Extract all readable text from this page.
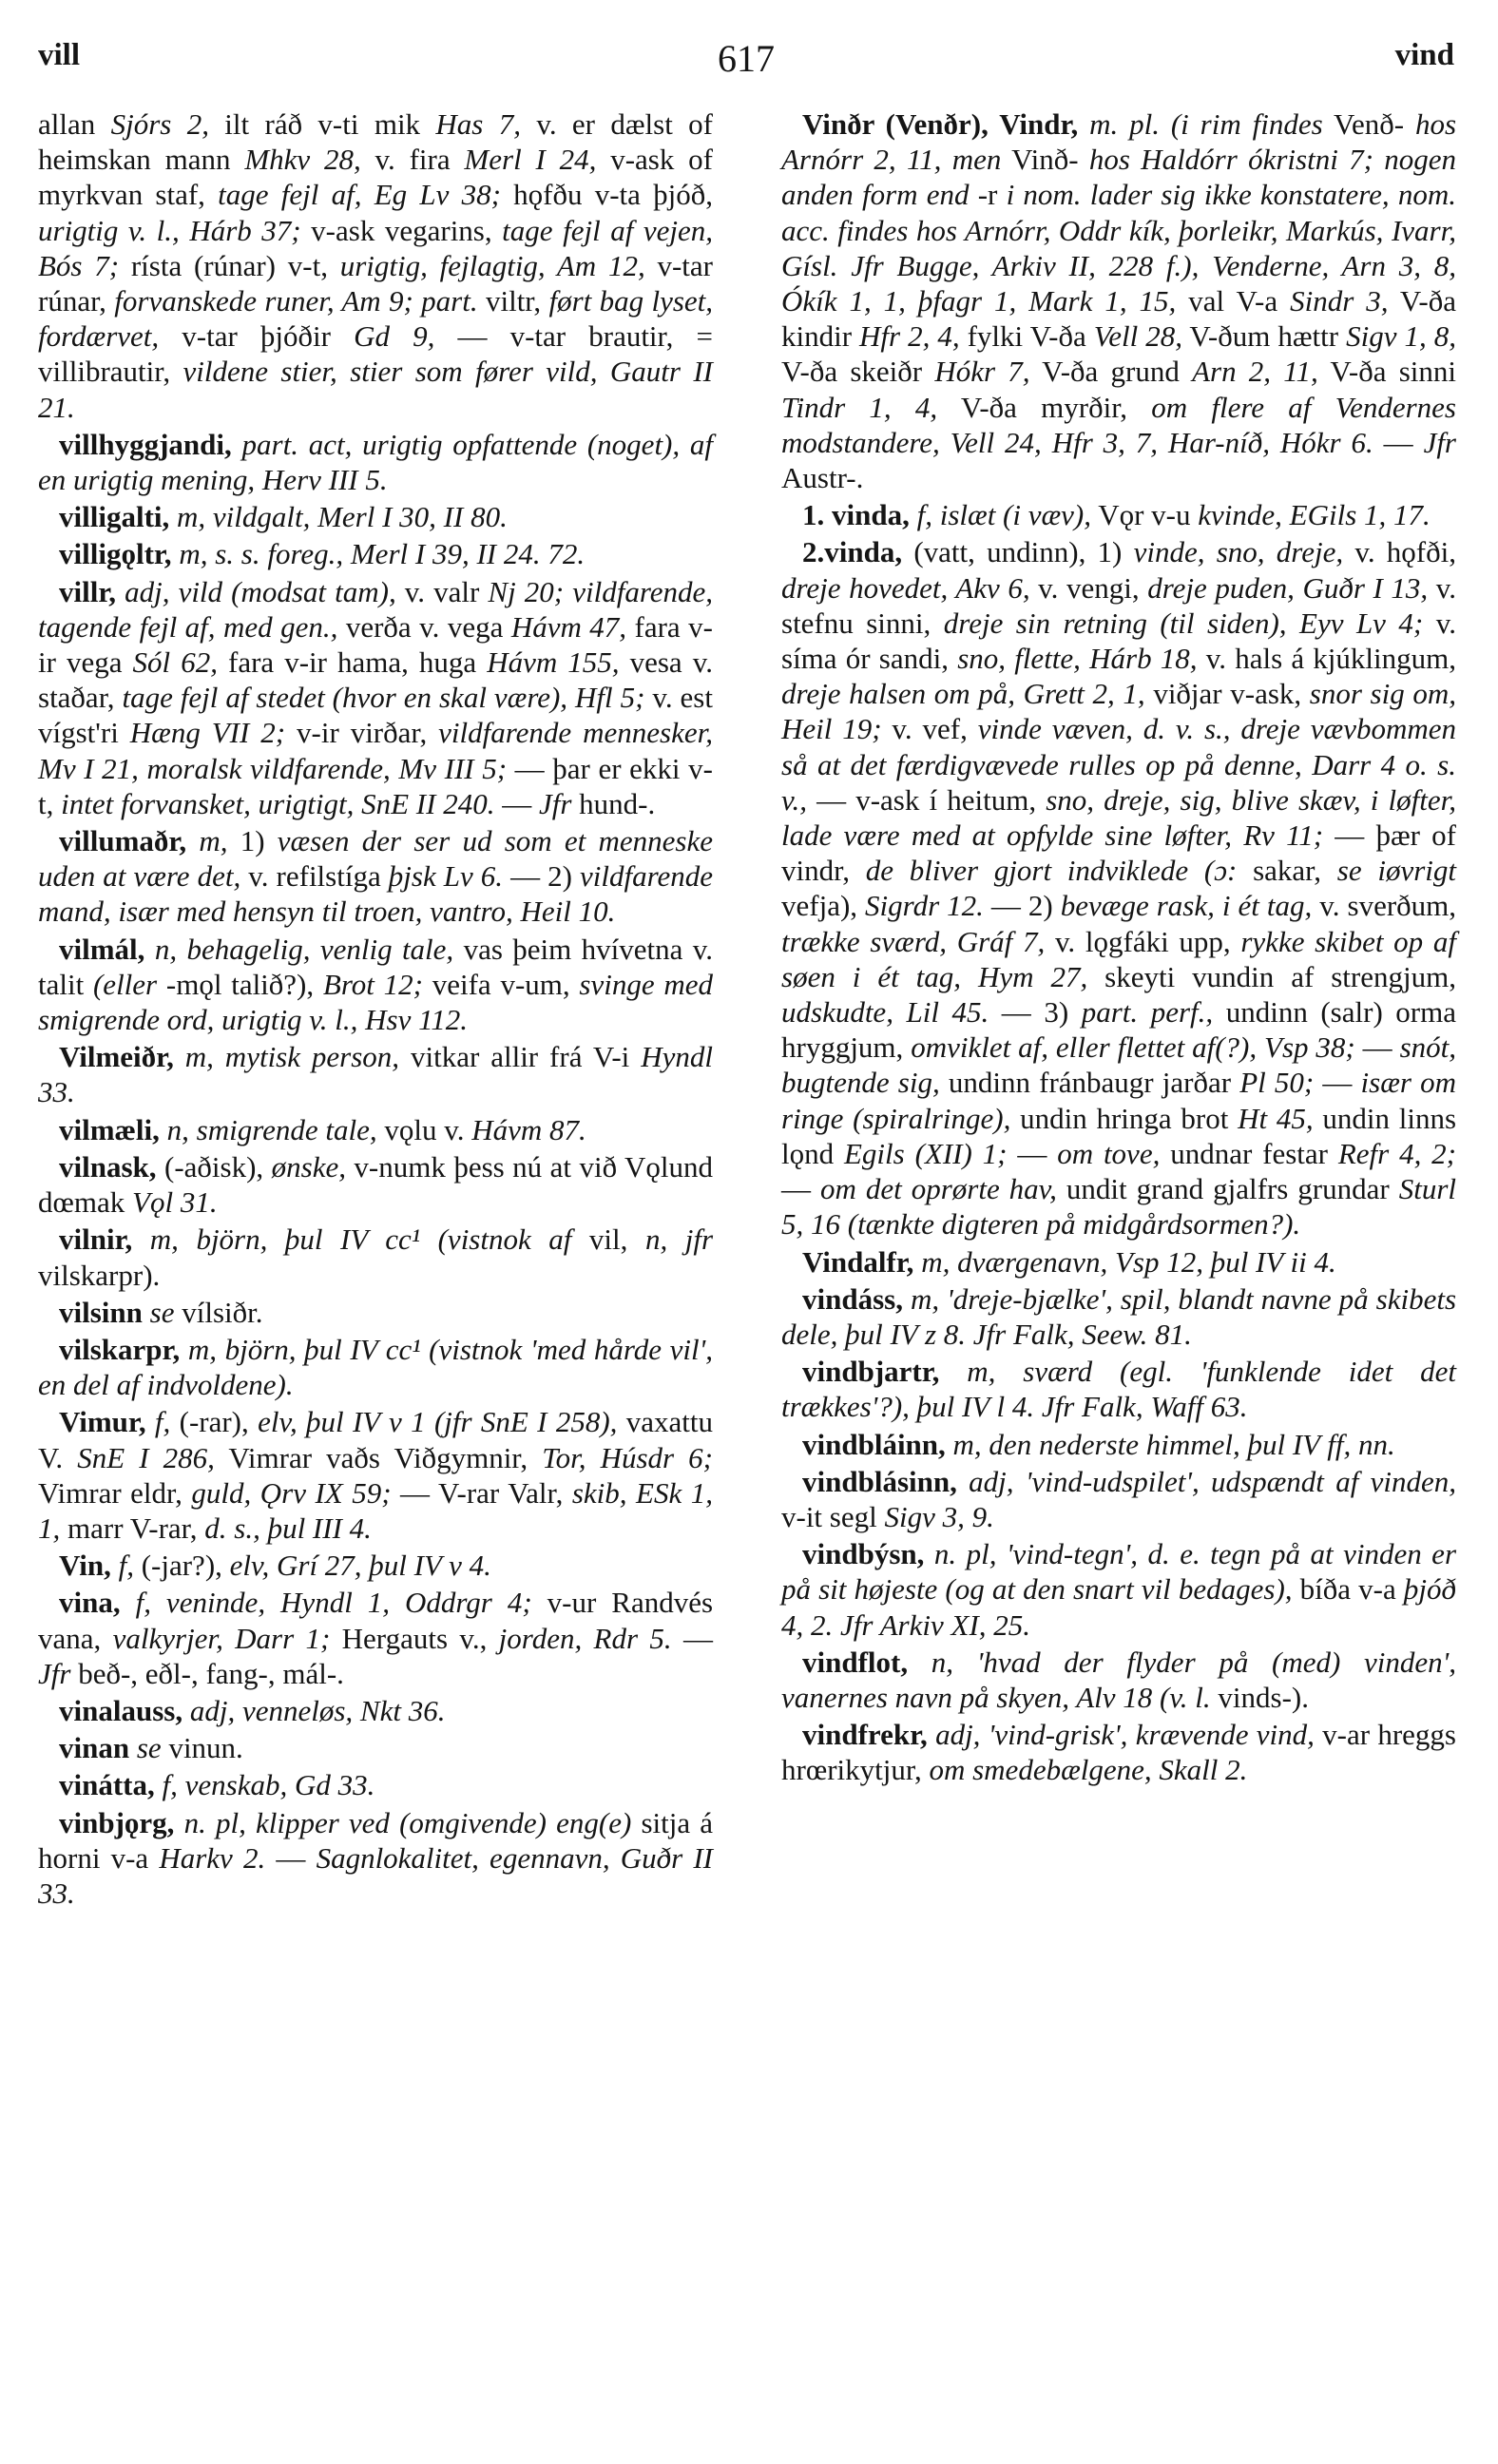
vill	617	vind

allan Sjórs 2, ilt ráð v-ti mik Has 7, v. er dælst of heimskan mann Mhkv 28, v. fira Merl I 24, v-ask of myrkvan staf, tage fejl af, Eg Lv 38; hǫfðu v-ta þjóð, urigtig v. l., Hárb 37; v-ask vegarins, tage fejl af vejen, Bós 7; rísta (rúnar) v-t, urigtig, fejlagtig, Am 12, v-tar rúnar, forvanskede runer, Am 9; part. viltr, ført bag lyset, fordærvet, v-tar þjóðir Gd 9, — v-tar brautir, = villibrautir, vildene stier, stier som fører vild, Gautr II 21.

villhyggjandi, part. act, urigtig opfattende (noget), af en urigtig mening, Herv III 5.

villigalti, m, vildgalt, Merl I 30, II 80.

villigǫltr, m, s. s. foreg., Merl I 39, II 24. 72.

villr, adj, vild (modsat tam), v. valr Nj 20; vildfarende, tagende fejl af, med gen., verða v. vega Hávm 47, fara v-ir vega Sól 62, fara v-ir hama, huga Hávm 155, vesa v. staðar, tage fejl af stedet (hvor en skal være), Hfl 5; v. est vígst'ri Hæng VII 2; v-ir virðar, vildfarende mennesker, Mv I 21, moralsk vildfarende, Mv III 5; — þar er ekki v-t, intet forvansket, urigtigt, SnE II 240. — Jfr hund-.

villumaðr, m, 1) væsen der ser ud som et menneske uden at være det, v. refilstíga þjsk Lv 6. — 2) vildfarende mand, især med hensyn til troen, vantro, Heil 10.

vilmál, n, behagelig, venlig tale, vas þeim hvívetna v. talit (eller -mǫl talið?), Brot 12; veifa v-um, svinge med smigrende ord, urigtig v. l., Hsv 112.

Vilmeiðr, m, mytisk person, vitkar allir frá V-i Hyndl 33.

vilmæli, n, smigrende tale, vǫlu v. Hávm 87.

vilnask, (-aðisk), ønske, v-numk þess nú at við Vǫlund dœmak Vǫl 31.

vilnir, m, björn, þul IV cc¹ (vistnok af vil, n, jfr vilskarpr).

vilsinn se vílsiðr.

vilskarpr, m, björn, þul IV cc¹ (vistnok 'med hårde vil', en del af indvoldene).

Vimur, f, (-rar), elv, þul IV v 1 (jfr SnE I 258), vaxattu V. SnE I 286, Vimrar vaðs Viðgymnir, Tor, Húsdr 6; Vimrar eldr, guld, Ǫrv IX 59; — V-rar Valr, skib, ESk 1, 1, marr V-rar, d. s., þul III 4.

Vin, f, (-jar?), elv, Grí 27, þul IV v 4.

vina, f, veninde, Hyndl 1, Oddrgr 4; v-ur Randvés vana, valkyrjer, Darr 1; Hergauts v., jorden, Rdr 5. — Jfr beð-, eðl-, fang-, mál-.

vinalauss, adj, venneløs, Nkt 36.

vinan se vinun.

vinátta, f, venskab, Gd 33.

vinbjǫrg, n. pl, klipper ved (omgivende) eng(e) sitja á horni v-a Harkv 2. — Sagnlokalitet, egennavn, Guðr II 33.

Vinðr (Venðr), Vindr, m. pl. (i rim findes Venð- hos Arnórr 2, 11, men Vinð- hos Haldórr ókristni 7; nogen anden form end -r i nom. lader sig ikke konstatere, nom. acc. findes hos Arnórr, Oddr kík, þorleikr, Markús, Ivarr, Gísl. Jfr Bugge, Arkiv II, 228 f.), Venderne, Arn 3, 8, Ókík 1, 1, þfagr 1, Mark 1, 15, val V-a Sindr 3, V-ða kindir Hfr 2, 4, fylki V-ða Vell 28, V-ðum hættr Sigv 1, 8, V-ða skeiðr Hókr 7, V-ða grund Arn 2, 11, V-ða sinni Tindr 1, 4, V-ða myrðir, om flere af Vendernes modstandere, Vell 24, Hfr 3, 7, Har-níð, Hókr 6. — Jfr Austr-.

1. vinda, f, islæt (i væv), Vǫr v-u kvinde, EGils 1, 17.

2.vinda, (vatt, undinn), 1) vinde, sno, dreje, v. hǫfði, dreje hovedet, Akv 6, v. vengi, dreje puden, Guðr I 13, v. stefnu sinni, dreje sin retning (til siden), Eyv Lv 4; v. síma ór sandi, sno, flette, Hárb 18, v. hals á kjúklingum, dreje halsen om på, Grett 2, 1, viðjar v-ask, snor sig om, Heil 19; v. vef, vinde væven, d. v. s., dreje vævbommen så at det færdigvævede rulles op på denne, Darr 4 o. s. v., — v-ask í heitum, sno, dreje, sig, blive skæv, i løfter, lade være med at opfylde sine løfter, Rv 11; — þær of vindr, de bliver gjort indviklede (ɔ: sakar, se iøvrigt vefja), Sigrdr 12. — 2) bevæge rask, i ét tag, v. sverðum, trække sværd, Gráf 7, v. lǫgfáki upp, rykke skibet op af søen i ét tag, Hym 27, skeyti vundin af strengjum, udskudte, Lil 45. — 3) part. perf., undinn (salr) orma hryggjum, omviklet af, eller flettet af(?), Vsp 38; — snót, bugtende sig, undinn fránbaugr jarðar Pl 50; — især om ringe (spiralringe), undin hringa brot Ht 45, undin linns lǫnd Egils (XII) 1; — om tove, undnar festar Refr 4, 2; — om det oprørte hav, undit grand gjalfrs grundar Sturl 5, 16 (tænkte digteren på midgårdsormen?).

Vindalfr, m, dværgenavn, Vsp 12, þul IV ii 4.

vindáss, m, 'dreje-bjælke', spil, blandt navne på skibets dele, þul IV z 8. Jfr Falk, Seew. 81.

vindbjartr, m, sværd (egl. 'funklende idet det trækkes'?), þul IV l 4. Jfr Falk, Waff 63.

vindbláinn, m, den nederste himmel, þul IV ff, nn.

vindblásinn, adj, 'vind-udspilet', udspændt af vinden, v-it segl Sigv 3, 9.

vindbýsn, n. pl, 'vind-tegn', d. e. tegn på at vinden er på sit højeste (og at den snart vil bedages), bíða v-a þjóð 4, 2. Jfr Arkiv XI, 25.

vindflot, n, 'hvad der flyder på (med) vinden', vanernes navn på skyen, Alv 18 (v. l. vinds-).

vindfrekr, adj, 'vind-grisk', krævende vind, v-ar hreggs hrœrikytjur, om smedebælgene, Skall 2.
